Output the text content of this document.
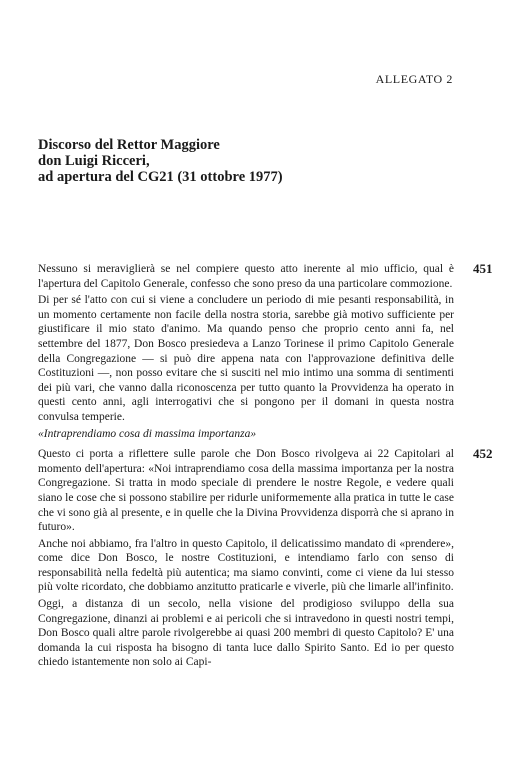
ALLEGATO 2
Discorso del Rettor Maggiore
don Luigi Ricceri,
ad apertura del CG21 (31 ottobre 1977)
451

Nessuno si meraviglierà se nel compiere questo atto inerente al mio ufficio, qual è l'apertura del Capitolo Generale, confesso che sono preso da una particolare commozione.

Di per sé l'atto con cui si viene a concludere un periodo di mie pesanti responsabilità, in un momento certamente non facile della nostra storia, sarebbe già motivo sufficiente per giustificare il mio stato d'animo. Ma quando penso che proprio cento anni fa, nel settembre del 1877, Don Bosco presiedeva a Lanzo Torinese il primo Capitolo Generale della Congregazione — si può dire appena nata con l'approvazione definitiva delle Costituzioni —, non posso evitare che si susciti nel mio intimo una somma di sentimenti dei più vari, che vanno dalla riconoscenza per tutto quanto la Provvidenza ha operato in questi cento anni, agli interrogativi che si pongono per il domani in questa nostra convulsa temperie.

«Intraprendiamo cosa di massima importanza»

452

Questo ci porta a riflettere sulle parole che Don Bosco rivolgeva ai 22 Capitolari al momento dell'apertura: «Noi intraprendiamo cosa della massima importanza per la nostra Congregazione. Si tratta in modo speciale di prendere le nostre Regole, e vedere quali siano le cose che si possono stabilire per ridurle uniformemente alla pratica in tutte le case che vi sono già al presente, e in quelle che la Divina Provvidenza disporrà che si aprano in futuro».

Anche noi abbiamo, fra l'altro in questo Capitolo, il delicatissimo mandato di «prendere», come dice Don Bosco, le nostre Costituzioni, e intendiamo farlo con senso di responsabilità nella fedeltà più autentica; ma siamo convinti, come ci viene da lui stesso più volte ricordato, che dobbiamo anzitutto praticarle e viverle, più che limarle all'infinito.

Oggi, a distanza di un secolo, nella visione del prodigioso sviluppo della sua Congregazione, dinanzi ai problemi e ai pericoli che si intravedono in questi nostri tempi, Don Bosco quali altre parole rivolgerebbe ai quasi 200 membri di questo Capitolo? E' una domanda la cui risposta ha bisogno di tanta luce dallo Spirito Santo. Ed io per questo chiedo istantemente non solo ai Capi-
